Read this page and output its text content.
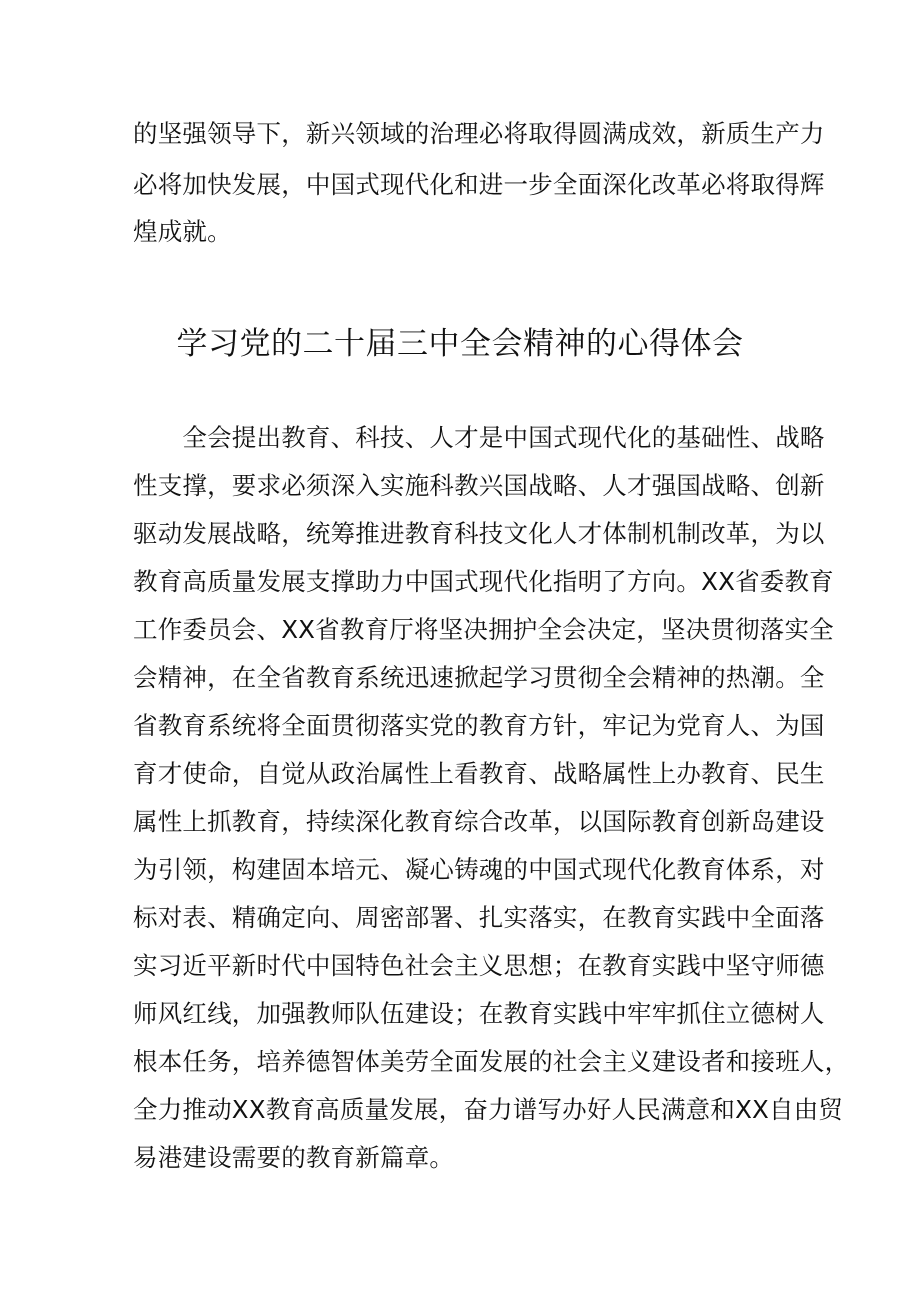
的坚强领导下，新兴领域的治理必将取得圆满成效，新质生产力
必将加快发展，中国式现代化和进一步全面深化改革必将取得辉
煌成就。
学习党的二十届三中全会精神的心得体会
　　全会提出教育、科技、人才是中国式现代化的基础性、战略
性支撑，要求必须深入实施科教兴国战略、人才强国战略、创新
驱动发展战略，统筹推进教育科技文化人才体制机制改革，为以
教育高质量发展支撑助力中国式现代化指明了方向。XX省委教育
工作委员会、XX省教育厅将坚决拥护全会决定，坚决贯彻落实全
会精神，在全省教育系统迅速掀起学习贯彻全会精神的热潮。全
省教育系统将全面贯彻落实党的教育方针，牢记为党育人、为国
育才使命，自觉从政治属性上看教育、战略属性上办教育、民生
属性上抓教育，持续深化教育综合改革，以国际教育创新岛建设
为引领，构建固本培元、凝心铸魂的中国式现代化教育体系，对
标对表、精确定向、周密部署、扎实落实，在教育实践中全面落
实习近平新时代中国特色社会主义思想；在教育实践中坚守师德
师风红线，加强教师队伍建设；在教育实践中牢牢抓住立德树人
根本任务，培养德智体美劳全面发展的社会主义建设者和接班人，
全力推动XX教育高质量发展，奋力谱写办好人民满意和XX自由贸
易港建设需要的教育新篇章。
